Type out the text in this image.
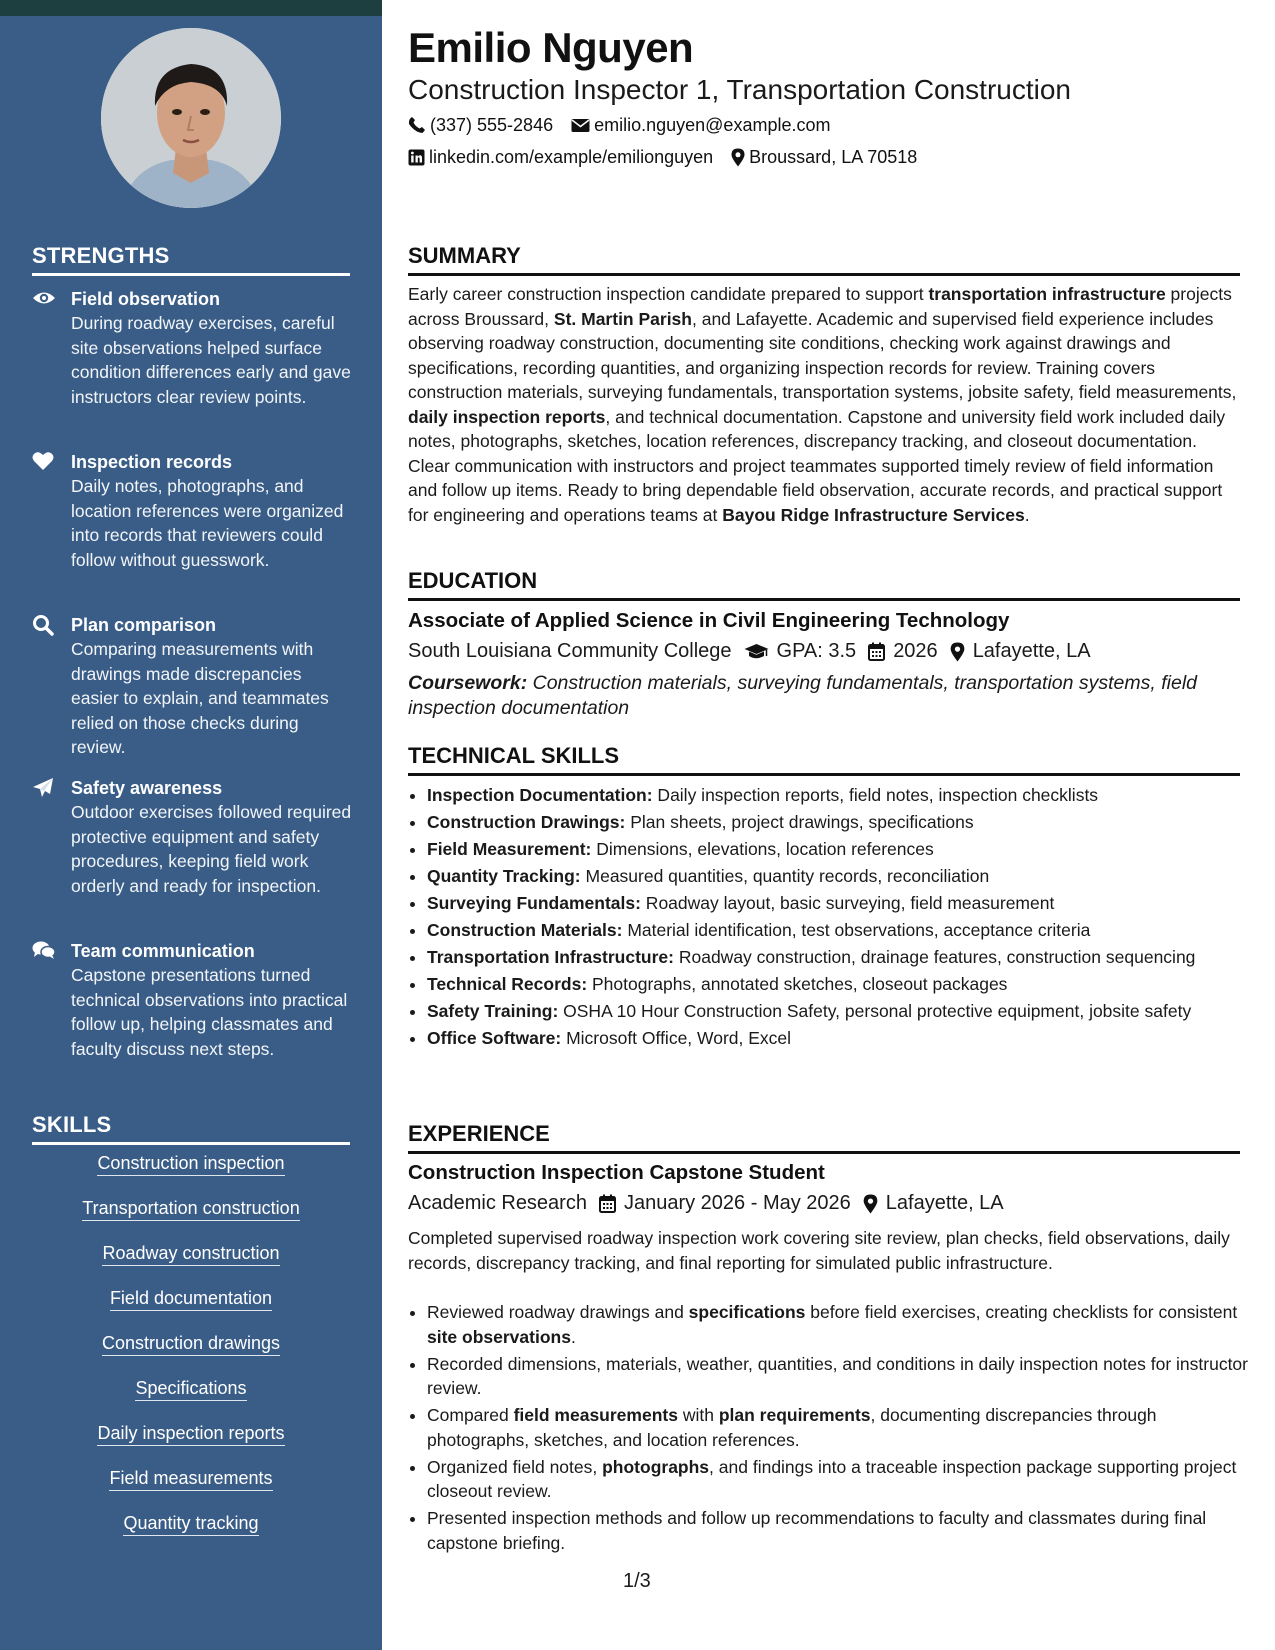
STRENGTHS
Field observation
During roadway exercises, careful site observations helped surface condition differences early and gave instructors clear review points.
Inspection records
Daily notes, photographs, and location references were organized into records that reviewers could follow without guesswork.
Plan comparison
Comparing measurements with drawings made discrepancies easier to explain, and teammates relied on those checks during review.
Safety awareness
Outdoor exercises followed required protective equipment and safety procedures, keeping field work orderly and ready for inspection.
Team communication
Capstone presentations turned technical observations into practical follow up, helping classmates and faculty discuss next steps.
SKILLS
Construction inspection
Transportation construction
Roadway construction
Field documentation
Construction drawings
Specifications
Daily inspection reports
Field measurements
Quantity tracking
Emilio Nguyen
Construction Inspector 1, Transportation Construction
(337) 555-2846 emilio.nguyen@example.com
linkedin.com/example/emilionguyen Broussard, LA 70518
SUMMARY
Early career construction inspection candidate prepared to support transportation infrastructure projects across Broussard, St. Martin Parish, and Lafayette. Academic and supervised field experience includes observing roadway construction, documenting site conditions, checking work against drawings and specifications, recording quantities, and organizing inspection records for review. Training covers construction materials, surveying fundamentals, transportation systems, jobsite safety, field measurements, daily inspection reports, and technical documentation. Capstone and university field work included daily notes, photographs, sketches, location references, discrepancy tracking, and closeout documentation. Clear communication with instructors and project teammates supported timely review of field information and follow up items. Ready to bring dependable field observation, accurate records, and practical support for engineering and operations teams at Bayou Ridge Infrastructure Services.
EDUCATION
Associate of Applied Science in Civil Engineering Technology
South Louisiana Community College GPA: 3.5 2026 Lafayette, LA
Coursework: Construction materials, surveying fundamentals, transportation systems, field inspection documentation
TECHNICAL SKILLS
• Inspection Documentation: Daily inspection reports, field notes, inspection checklists
• Construction Drawings: Plan sheets, project drawings, specifications
• Field Measurement: Dimensions, elevations, location references
• Quantity Tracking: Measured quantities, quantity records, reconciliation
• Surveying Fundamentals: Roadway layout, basic surveying, field measurement
• Construction Materials: Material identification, test observations, acceptance criteria
• Transportation Infrastructure: Roadway construction, drainage features, construction sequencing
• Technical Records: Photographs, annotated sketches, closeout packages
• Safety Training: OSHA 10 Hour Construction Safety, personal protective equipment, jobsite safety
• Office Software: Microsoft Office, Word, Excel
EXPERIENCE
Construction Inspection Capstone Student
Academic Research January 2026 - May 2026 Lafayette, LA
Completed supervised roadway inspection work covering site review, plan checks, field observations, daily records, discrepancy tracking, and final reporting for simulated public infrastructure.
• Reviewed roadway drawings and specifications before field exercises, creating checklists for consistent site observations.
• Recorded dimensions, materials, weather, quantities, and conditions in daily inspection notes for instructor review.
• Compared field measurements with plan requirements, documenting discrepancies through photographs, sketches, and location references.
• Organized field notes, photographs, and findings into a traceable inspection package supporting project closeout review.
• Presented inspection methods and follow up recommendations to faculty and classmates during final capstone briefing.
1/3
